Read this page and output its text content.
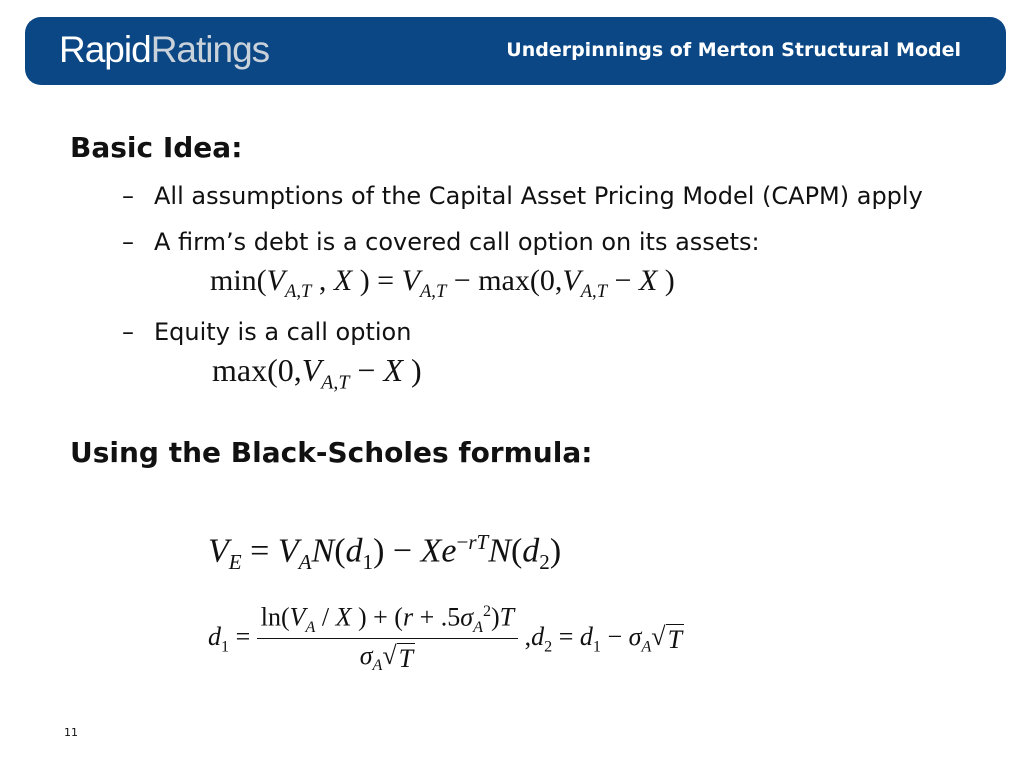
RapidRatings	Underpinnings of Merton Structural Model
Basic Idea:
– All assumptions of the Capital Asset Pricing Model (CAPM) apply
– A firm’s debt is a covered call option on its assets:
$\min(V_{A,T}$ , X ) = $V_{A,T} - \max(0,V_{A,T} - X$ )
– Equity is a call option
$\max(0,V_{A,T} - X$ )
Using the Black-Scholes formula:
$V_E = V_AN(d_1) - Xe^{-rT}N(d_2)$
$d_1 = \frac{\ln(V_A / X ) + (r + .5\sigma_A^2)T}{\sigma_A√ T} ,d_2 = d_1 - \sigma_A√$ T
11
